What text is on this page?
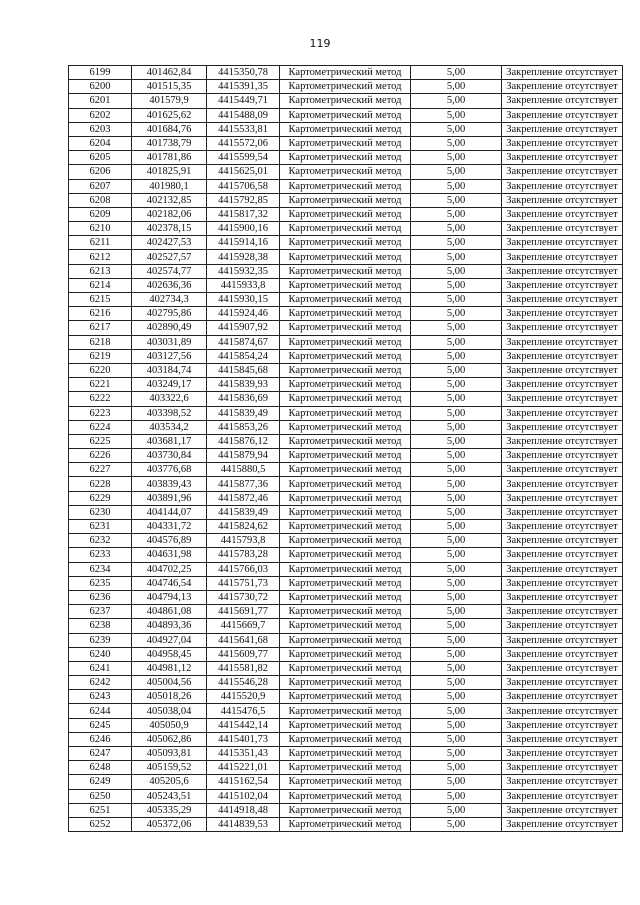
119
6199	401462,84	4415350,78	Картометрический метод	5,00	Закрепление отсутствует
6200	401515,35	4415391,35	Картометрический метод	5,00	Закрепление отсутствует
6201	401579,9	4415449,71	Картометрический метод	5,00	Закрепление отсутствует
6202	401625,62	4415488,09	Картометрический метод	5,00	Закрепление отсутствует
6203	401684,76	4415533,81	Картометрический метод	5,00	Закрепление отсутствует
6204	401738,79	4415572,06	Картометрический метод	5,00	Закрепление отсутствует
6205	401781,86	4415599,54	Картометрический метод	5,00	Закрепление отсутствует
6206	401825,91	4415625,01	Картометрический метод	5,00	Закрепление отсутствует
6207	401980,1	4415706,58	Картометрический метод	5,00	Закрепление отсутствует
6208	402132,85	4415792,85	Картометрический метод	5,00	Закрепление отсутствует
6209	402182,06	4415817,32	Картометрический метод	5,00	Закрепление отсутствует
6210	402378,15	4415900,16	Картометрический метод	5,00	Закрепление отсутствует
6211	402427,53	4415914,16	Картометрический метод	5,00	Закрепление отсутствует
6212	402527,57	4415928,38	Картометрический метод	5,00	Закрепление отсутствует
6213	402574,77	4415932,35	Картометрический метод	5,00	Закрепление отсутствует
6214	402636,36	4415933,8	Картометрический метод	5,00	Закрепление отсутствует
6215	402734,3	4415930,15	Картометрический метод	5,00	Закрепление отсутствует
6216	402795,86	4415924,46	Картометрический метод	5,00	Закрепление отсутствует
6217	402890,49	4415907,92	Картометрический метод	5,00	Закрепление отсутствует
6218	403031,89	4415874,67	Картометрический метод	5,00	Закрепление отсутствует
6219	403127,56	4415854,24	Картометрический метод	5,00	Закрепление отсутствует
6220	403184,74	4415845,68	Картометрический метод	5,00	Закрепление отсутствует
6221	403249,17	4415839,93	Картометрический метод	5,00	Закрепление отсутствует
6222	403322,6	4415836,69	Картометрический метод	5,00	Закрепление отсутствует
6223	403398,52	4415839,49	Картометрический метод	5,00	Закрепление отсутствует
6224	403534,2	4415853,26	Картометрический метод	5,00	Закрепление отсутствует
6225	403681,17	4415876,12	Картометрический метод	5,00	Закрепление отсутствует
6226	403730,84	4415879,94	Картометрический метод	5,00	Закрепление отсутствует
6227	403776,68	4415880,5	Картометрический метод	5,00	Закрепление отсутствует
6228	403839,43	4415877,36	Картометрический метод	5,00	Закрепление отсутствует
6229	403891,96	4415872,46	Картометрический метод	5,00	Закрепление отсутствует
6230	404144,07	4415839,49	Картометрический метод	5,00	Закрепление отсутствует
6231	404331,72	4415824,62	Картометрический метод	5,00	Закрепление отсутствует
6232	404576,89	4415793,8	Картометрический метод	5,00	Закрепление отсутствует
6233	404631,98	4415783,28	Картометрический метод	5,00	Закрепление отсутствует
6234	404702,25	4415766,03	Картометрический метод	5,00	Закрепление отсутствует
6235	404746,54	4415751,73	Картометрический метод	5,00	Закрепление отсутствует
6236	404794,13	4415730,72	Картометрический метод	5,00	Закрепление отсутствует
6237	404861,08	4415691,77	Картометрический метод	5,00	Закрепление отсутствует
6238	404893,36	4415669,7	Картометрический метод	5,00	Закрепление отсутствует
6239	404927,04	4415641,68	Картометрический метод	5,00	Закрепление отсутствует
6240	404958,45	4415609,77	Картометрический метод	5,00	Закрепление отсутствует
6241	404981,12	4415581,82	Картометрический метод	5,00	Закрепление отсутствует
6242	405004,56	4415546,28	Картометрический метод	5,00	Закрепление отсутствует
6243	405018,26	4415520,9	Картометрический метод	5,00	Закрепление отсутствует
6244	405038,04	4415476,5	Картометрический метод	5,00	Закрепление отсутствует
6245	405050,9	4415442,14	Картометрический метод	5,00	Закрепление отсутствует
6246	405062,86	4415401,73	Картометрический метод	5,00	Закрепление отсутствует
6247	405093,81	4415351,43	Картометрический метод	5,00	Закрепление отсутствует
6248	405159,52	4415221,01	Картометрический метод	5,00	Закрепление отсутствует
6249	405205,6	4415162,54	Картометрический метод	5,00	Закрепление отсутствует
6250	405243,51	4415102,04	Картометрический метод	5,00	Закрепление отсутствует
6251	405335,29	4414918,48	Картометрический метод	5,00	Закрепление отсутствует
6252	405372,06	4414839,53	Картометрический метод	5,00	Закрепление отсутствует
